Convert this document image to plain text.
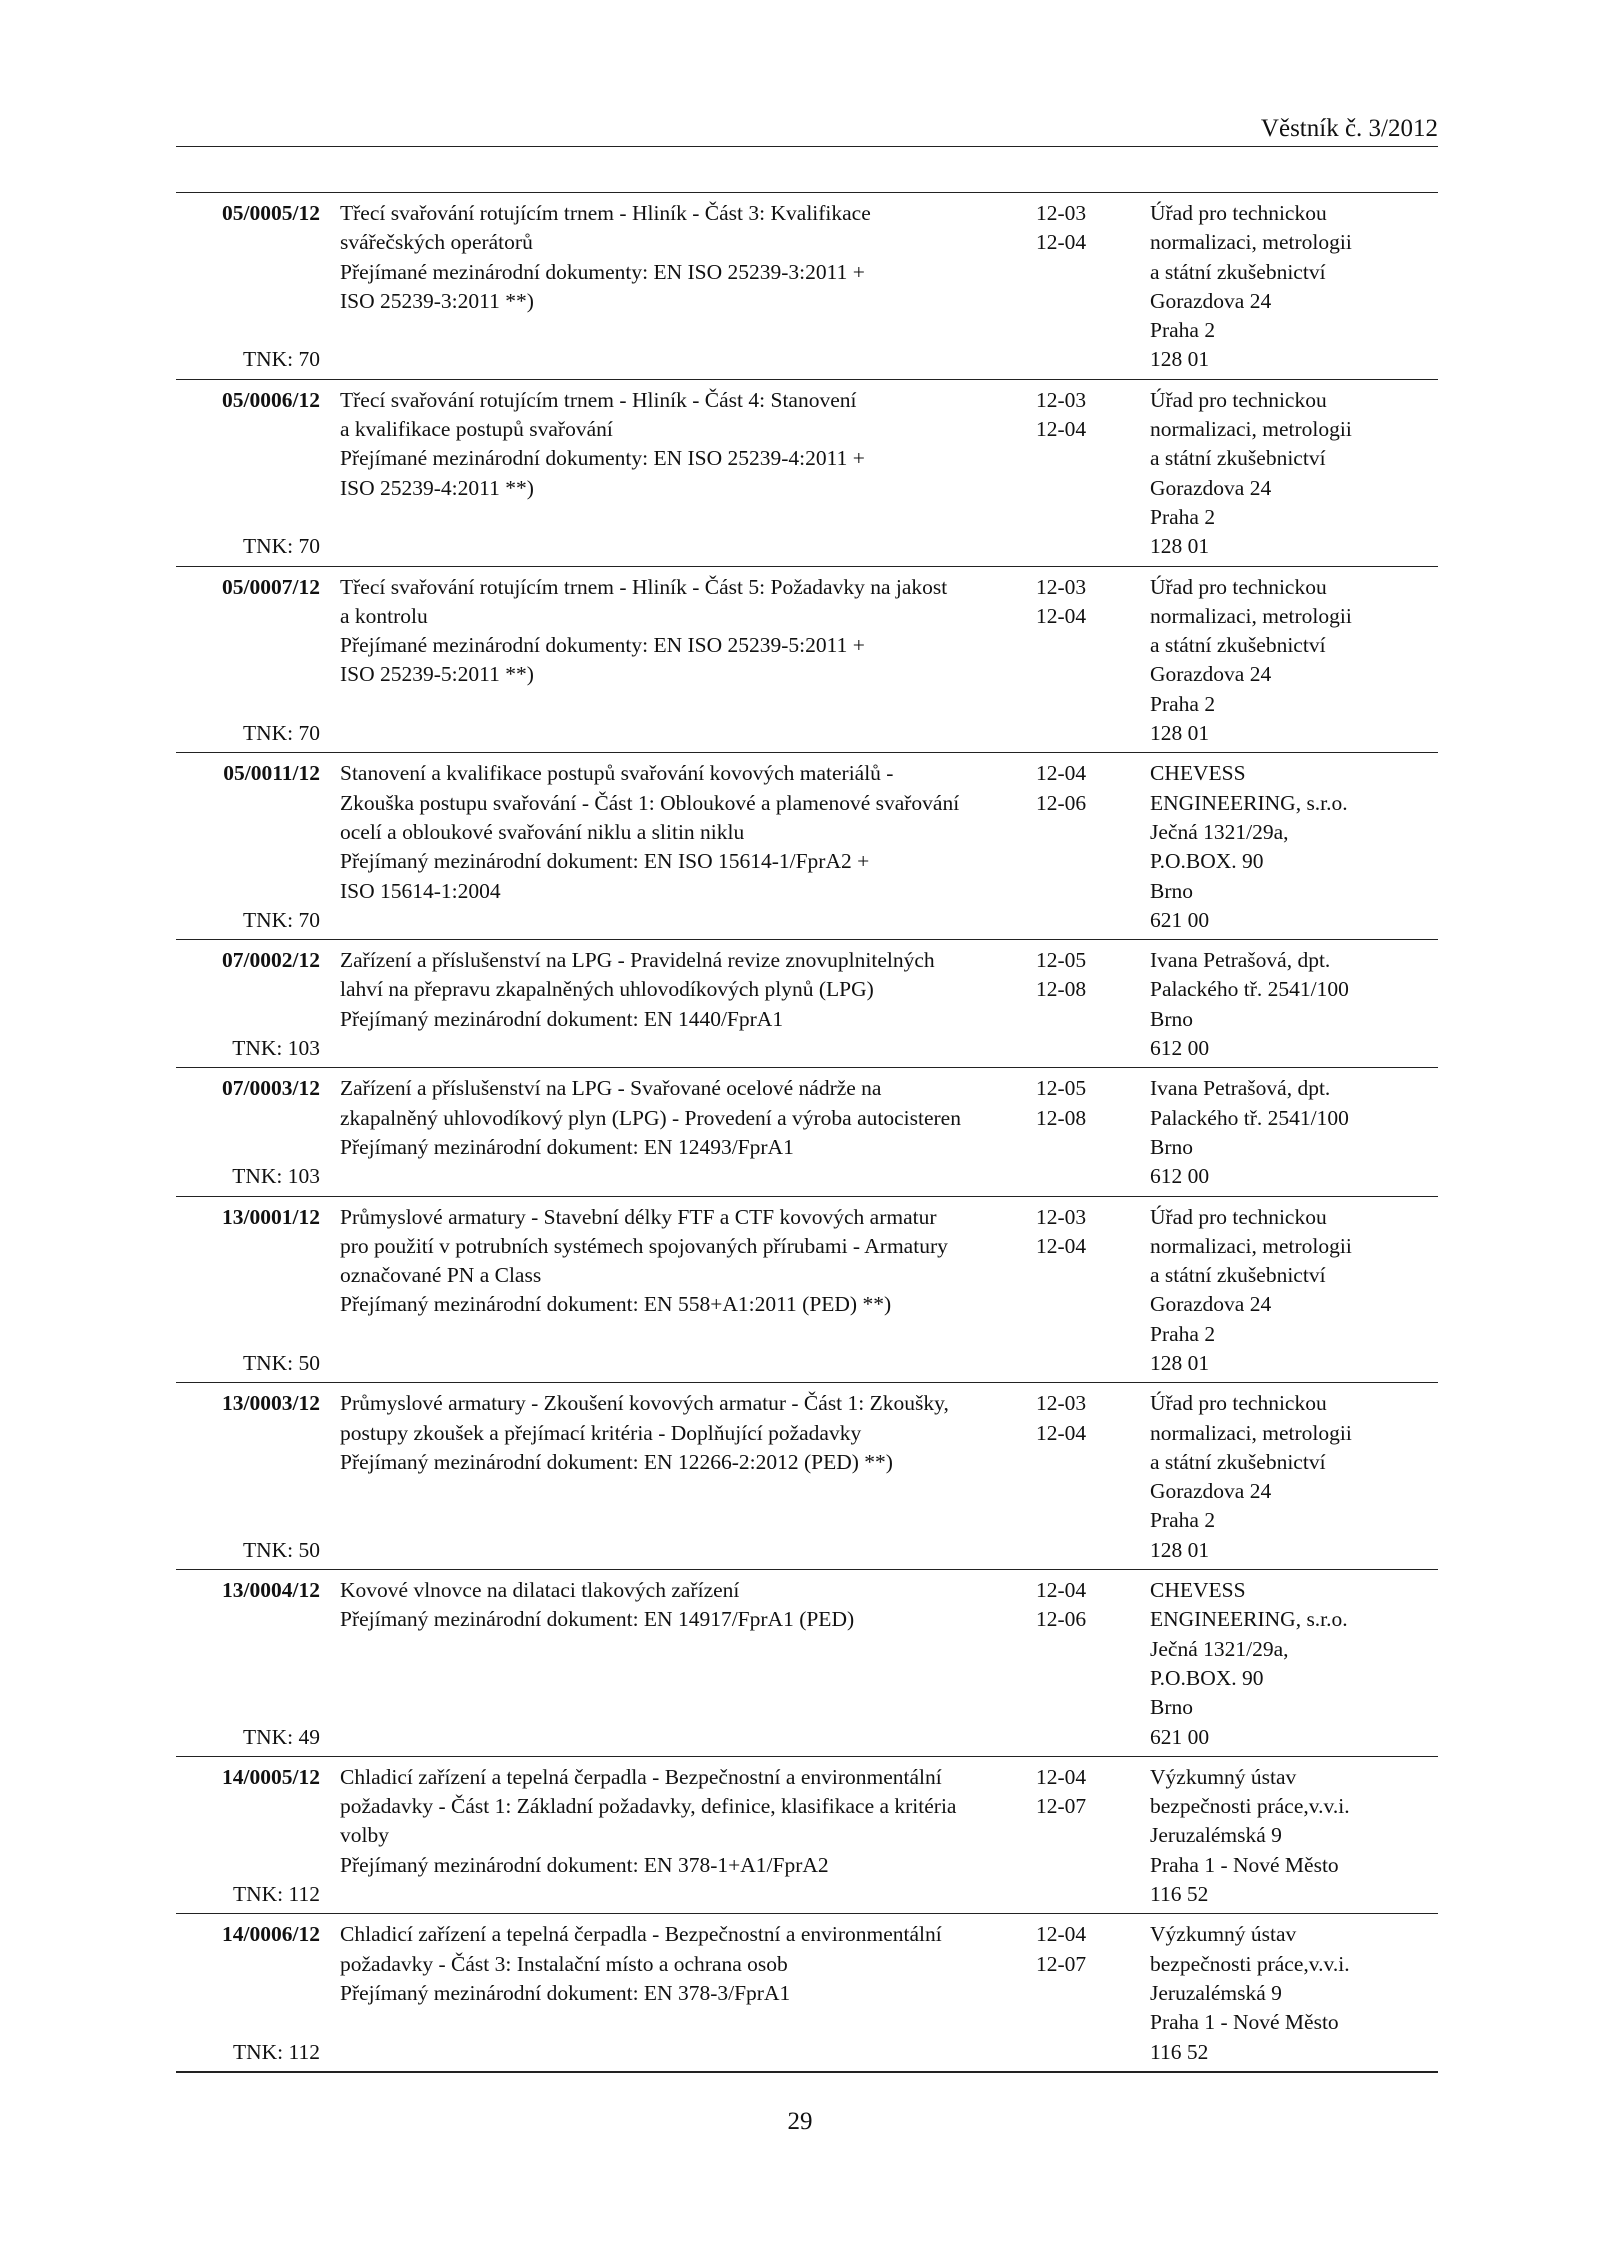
Věstník č. 3/2012
05/0005/12
TNK: 70
Třecí svařování rotujícím trnem - Hliník - Část 3: Kvalifikace
svářečských operátorů
Přejímané mezinárodní dokumenty: EN ISO 25239-3:2011 +
ISO 25239-3:2011 **)
12-03
12-04
Úřad pro technickou
normalizaci, metrologii
a státní zkušebnictví
Gorazdova 24
Praha 2
128 01
05/0006/12
TNK: 70
Třecí svařování rotujícím trnem - Hliník - Část 4: Stanovení
a kvalifikace postupů svařování
Přejímané mezinárodní dokumenty: EN ISO 25239-4:2011 +
ISO 25239-4:2011 **)
12-03
12-04
Úřad pro technickou
normalizaci, metrologii
a státní zkušebnictví
Gorazdova 24
Praha 2
128 01
05/0007/12
TNK: 70
Třecí svařování rotujícím trnem - Hliník - Část 5: Požadavky na jakost
a kontrolu
Přejímané mezinárodní dokumenty: EN ISO 25239-5:2011 +
ISO 25239-5:2011 **)
12-03
12-04
Úřad pro technickou
normalizaci, metrologii
a státní zkušebnictví
Gorazdova 24
Praha 2
128 01
05/0011/12
TNK: 70
Stanovení a kvalifikace postupů svařování kovových materiálů -
Zkouška postupu svařování - Část 1: Obloukové a plamenové svařování
ocelí a obloukové svařování niklu a slitin niklu
Přejímaný mezinárodní dokument: EN ISO 15614-1/FprA2 +
ISO 15614-1:2004
12-04
12-06
CHEVESS
ENGINEERING, s.r.o.
Ječná 1321/29a,
P.O.BOX. 90
Brno
621 00
07/0002/12
TNK: 103
Zařízení a příslušenství na LPG - Pravidelná revize znovuplnitelných
lahví na přepravu zkapalněných uhlovodíkových plynů (LPG)
Přejímaný mezinárodní dokument: EN 1440/FprA1
12-05
12-08
Ivana Petrašová, dpt.
Palackého tř. 2541/100
Brno
612 00
07/0003/12
TNK: 103
Zařízení a příslušenství na LPG - Svařované ocelové nádrže na
zkapalněný uhlovodíkový plyn (LPG) - Provedení a výroba autocisteren
Přejímaný mezinárodní dokument: EN 12493/FprA1
12-05
12-08
Ivana Petrašová, dpt.
Palackého tř. 2541/100
Brno
612 00
13/0001/12
TNK: 50
Průmyslové armatury - Stavební délky FTF a CTF kovových armatur
pro použití v potrubních systémech spojovaných přírubami - Armatury
označované PN a Class
Přejímaný mezinárodní dokument: EN 558+A1:2011 (PED) **)
12-03
12-04
Úřad pro technickou
normalizaci, metrologii
a státní zkušebnictví
Gorazdova 24
Praha 2
128 01
13/0003/12
TNK: 50
Průmyslové armatury - Zkoušení kovových armatur - Část 1: Zkoušky,
postupy zkoušek a přejímací kritéria - Doplňující požadavky
Přejímaný mezinárodní dokument: EN 12266-2:2012 (PED) **)
12-03
12-04
Úřad pro technickou
normalizaci, metrologii
a státní zkušebnictví
Gorazdova 24
Praha 2
128 01
13/0004/12
TNK: 49
Kovové vlnovce na dilataci tlakových zařízení
Přejímaný mezinárodní dokument: EN 14917/FprA1 (PED)
12-04
12-06
CHEVESS
ENGINEERING, s.r.o.
Ječná 1321/29a,
P.O.BOX. 90
Brno
621 00
14/0005/12
TNK: 112
Chladicí zařízení a tepelná čerpadla - Bezpečnostní a environmentální
požadavky - Část 1: Základní požadavky, definice, klasifikace a kritéria
volby
Přejímaný mezinárodní dokument: EN 378-1+A1/FprA2
12-04
12-07
Výzkumný ústav
bezpečnosti práce,v.v.i.
Jeruzalémská 9
Praha 1 - Nové Město
116 52
14/0006/12
TNK: 112
Chladicí zařízení a tepelná čerpadla - Bezpečnostní a environmentální
požadavky - Část 3: Instalační místo a ochrana osob
Přejímaný mezinárodní dokument: EN 378-3/FprA1
12-04
12-07
Výzkumný ústav
bezpečnosti práce,v.v.i.
Jeruzalémská 9
Praha 1 - Nové Město
116 52
29
